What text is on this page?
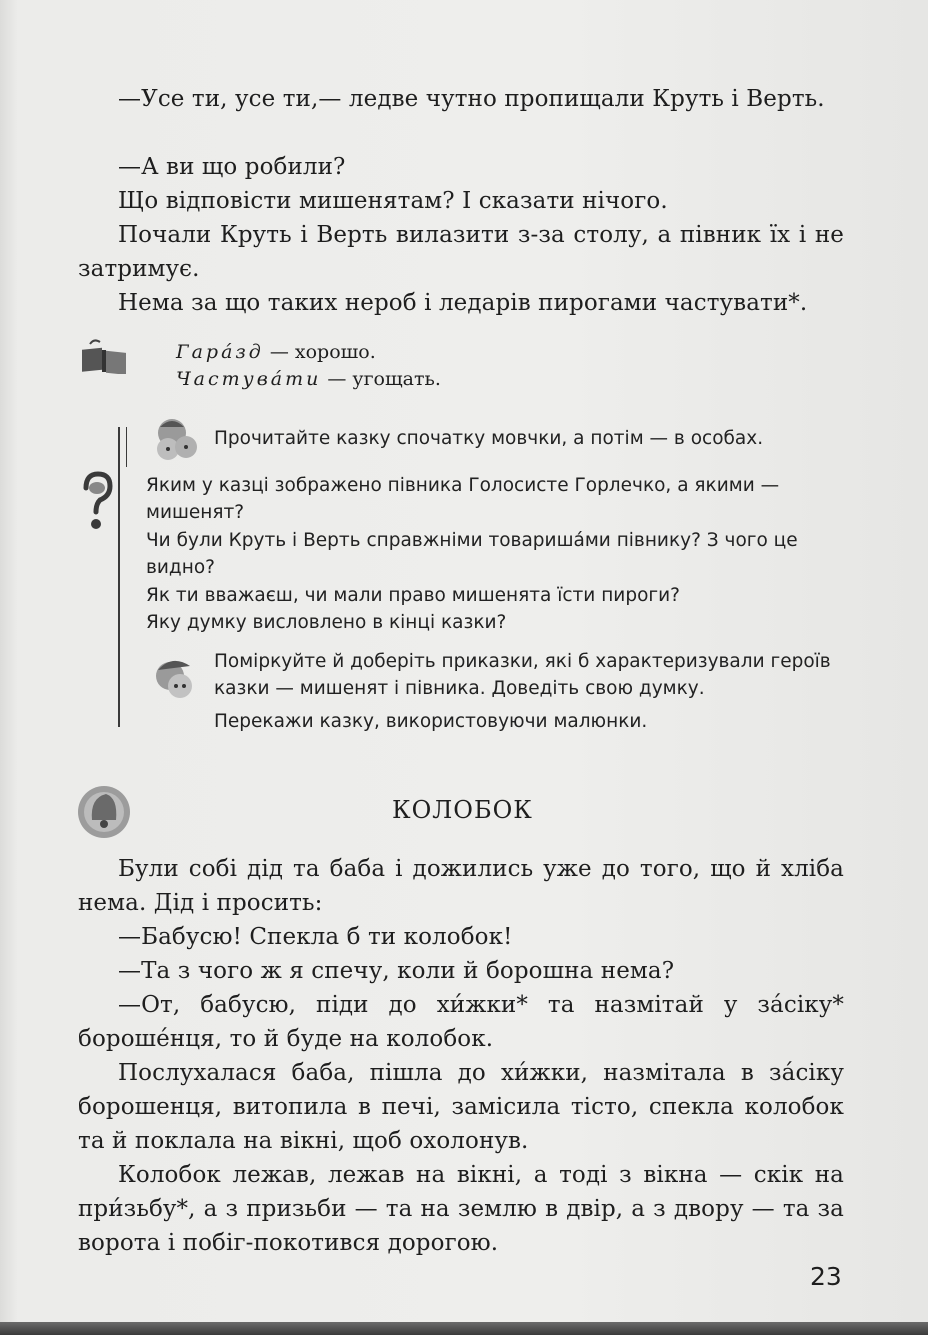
—Усе ти, усе ти,— ледве чутно пропищали Круть і Верть.

—А ви що робили?

Що відповісти мишенятам? І сказати нічого.

Почали Круть і Верть вилазити з-за столу, а півник їх і не затримує.

Нема за що таких нероб і ледарів пирогами частувати*.

Гара́зд — хорошо.
Частува́ти — угощать.
Прочитайте казку спочатку мовчки, а потім — в особах.
Яким у казці зображено півника Голосисте Горлечко, а якими — мишенят?
Чи були Круть і Верть справжніми товариша́ми півнику? З чого це видно?
Як ти вважаєш, чи мали право мишенята їсти пироги?
Яку думку висловлено в кінці казки?
Поміркуйте й доберіть приказки, які б характеризували героїв казки — мишенят і півника. Доведіть свою думку.
Перекажи казку, використовуючи малюнки.
КОЛОБОК

Були собі дід та баба і дожились уже до того, що й хліба нема. Дід і просить:

—Бабусю! Спекла б ти колобок!

—Та з чого ж я спечу, коли й борошна нема?

—От, бабусю, піди до хи́жки* та назмітай у за́сіку* бороше́нця, то й буде на колобок.

Послухалася баба, пішла до хи́жки, назмітала в за́сіку борошенця, витопила в печі, замісила тісто, спекла колобок та й поклала на вікні, щоб охолонув.

Колобок лежав, лежав на вікні, а тоді з вікна — скік на при́зьбу*, а з призьби — та на землю в двір, а з двору — та за ворота і побіг-покотився дорогою.

23
